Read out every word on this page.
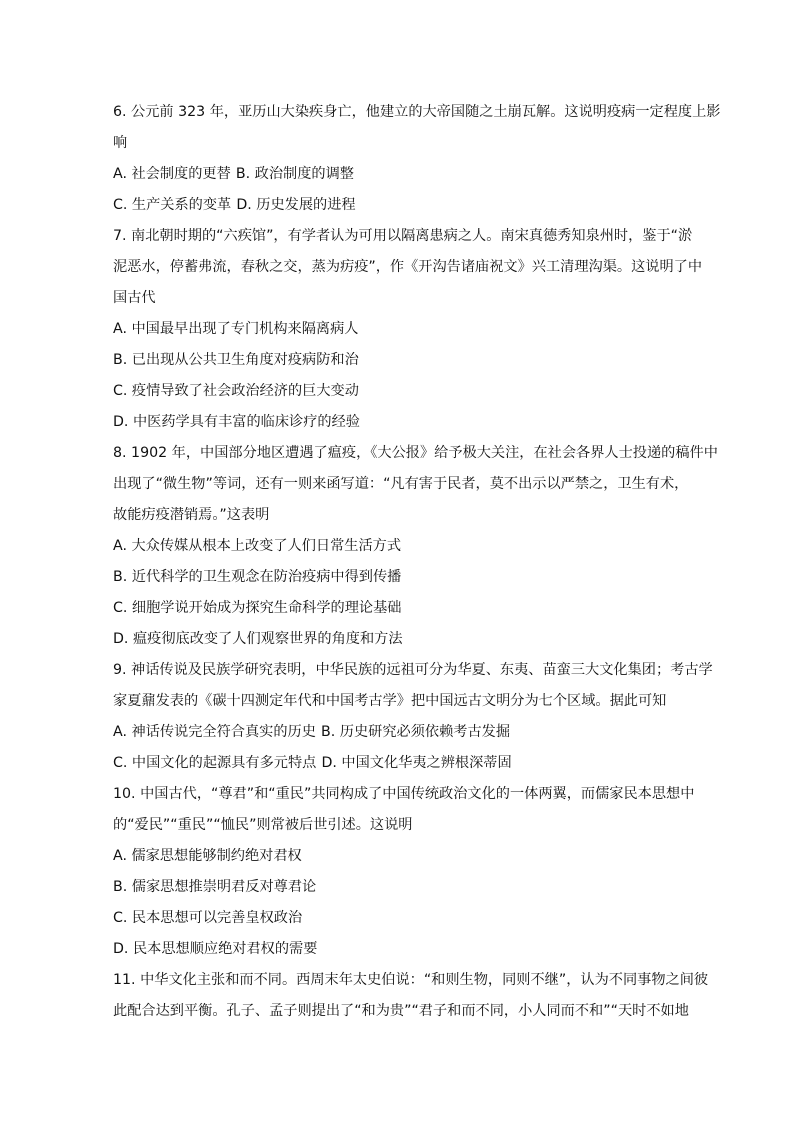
6. 公元前 323 年，亚历山大染疾身亡，他建立的大帝国随之土崩瓦解。这说明疫病一定程度上影
响
A. 社会制度的更替 B. 政治制度的调整
C. 生产关系的变革 D. 历史发展的进程
7. 南北朝时期的“六疾馆”，有学者认为可用以隔离患病之人。南宋真德秀知泉州时，鉴于“淤
泥恶水，停蓄弗流，春秋之交，蒸为疠疫”，作《开沟告诸庙祝文》兴工清理沟渠。这说明了中
国古代
A. 中国最早出现了专门机构来隔离病人
B. 已出现从公共卫生角度对疫病防和治
C. 疫情导致了社会政治经济的巨大变动
D. 中医药学具有丰富的临床诊疗的经验
8. 1902 年，中国部分地区遭遇了瘟疫，《大公报》给予极大关注，在社会各界人士投递的稿件中
出现了“微生物”等词，还有一则来函写道：“凡有害于民者，莫不出示以严禁之，卫生有术，
故能疠疫潜销焉。”这表明
A. 大众传媒从根本上改变了人们日常生活方式
B. 近代科学的卫生观念在防治疫病中得到传播
C. 细胞学说开始成为探究生命科学的理论基础
D. 瘟疫彻底改变了人们观察世界的角度和方法
9. 神话传说及民族学研究表明，中华民族的远祖可分为华夏、东夷、苗蛮三大文化集团；考古学
家夏鼐发表的《碳十四测定年代和中国考古学》把中国远古文明分为七个区域。据此可知
A. 神话传说完全符合真实的历史 B. 历史研究必须依赖考古发掘
C. 中国文化的起源具有多元特点 D. 中国文化华夷之辨根深蒂固
10. 中国古代，“尊君”和“重民”共同构成了中国传统政治文化的一体两翼，而儒家民本思想中
的“爱民”“重民”“恤民”则常被后世引述。这说明
A. 儒家思想能够制约绝对君权
B. 儒家思想推崇明君反对尊君论
C. 民本思想可以完善皇权政治
D. 民本思想顺应绝对君权的需要
11. 中华文化主张和而不同。西周末年太史伯说：“和则生物，同则不继”，认为不同事物之间彼
此配合达到平衡。孔子、孟子则提出了“和为贵”“君子和而不同，小人同而不和”“天时不如地
